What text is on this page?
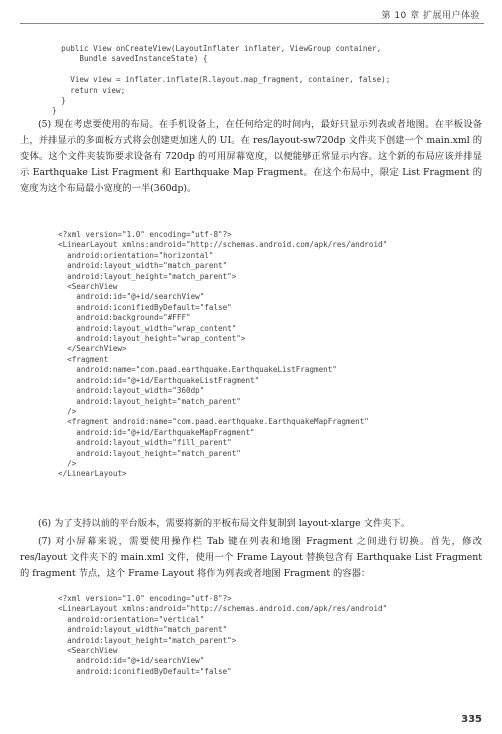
第 10 章 扩展用户体验
public View onCreateView(LayoutInflater inflater, ViewGroup container,
Bundle savedInstanceState) {

View view = inflater.inflate(R.layout.map_fragment, container, false);
return view;
}
}

(5) 现在考虑要使用的布局。在手机设备上，在任何给定的时间内，最好只显示列表或者地图。在平板设备上，并排显示的多面板方式将会创建更加迷人的 UI。在 res/layout-sw720dp 文件夹下创建一个 main.xml 的变体。这个文件夹装饰要求设备有 720dp 的可用屏幕宽度，以便能够正常显示内容。这个新的布局应该并排显示 Earthquake List Fragment 和 Earthquake Map Fragment。在这个布局中，限定 List Fragment 的宽度为这个布局最小宽度的一半(360dp)。

<?xml version="1.0" encoding="utf-8"?>
<LinearLayout xmlns:android="http://schemas.android.com/apk/res/android"
android:orientation="horizontal"
android:layout_width="match_parent"
android:layout_height="match_parent">
<SearchView
android:id="@+id/searchView"
android:iconifiedByDefault="false"
android:background="#FFF"
android:layout_width="wrap_content"
android:layout_height="wrap_content">
</SearchView>
<fragment
android:name="com.paad.earthquake.EarthquakeListFragment"
android:id="@+id/EarthquakeListFragment"
android:layout_width="360dp"
android:layout_height="match_parent"
/>
<fragment android:name="com.paad.earthquake.EarthquakeMapFragment"
android:id="@+id/EarthquakeMapFragment"
android:layout_width="fill_parent"
android:layout_height="match_parent"
/>
</LinearLayout>

(6) 为了支持以前的平台版本，需要将新的平板布局文件复制到 layout-xlarge 文件夹下。

(7) 对小屏幕来说，需要使用操作栏 Tab 键在列表和地图 Fragment 之间进行切换。首先，修改 res/layout 文件夹下的 main.xml 文件，使用一个 Frame Layout 替换包含有 Earthquake List Fragment 的 fragment 节点，这个 Frame Layout 将作为列表或者地图 Fragment 的容器：

<?xml version="1.0" encoding="utf-8"?>
<LinearLayout xmlns:android="http://schemas.android.com/apk/res/android"
android:orientation="vertical"
android:layout_width="match_parent"
android:layout_height="match_parent">
<SearchView
android:id="@+id/searchView"
android:iconifiedByDefault="false"
335
